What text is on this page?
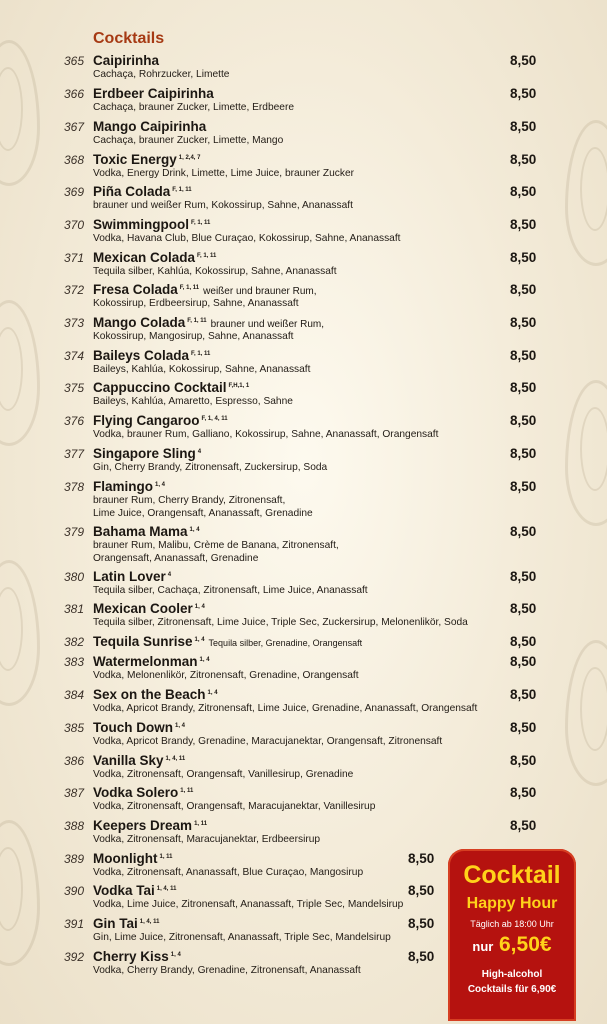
Cocktails
365 Caipirinha
Cachaça, Rohrzucker, Limette
8,50
366 Erdbeer Caipirinha
Cachaça, brauner Zucker, Limette, Erdbeere
8,50
367 Mango Caipirinha
Cachaça, brauner Zucker, Limette, Mango
8,50
368 Toxic Energy $^{1, 2,4, 7}$
Vodka, Energy Drink, Limette, Lime Juice, brauner Zucker
8,50
369 Piña Colada $^{F, 1, 11}$
brauner und weißer Rum, Kokossirup, Sahne, Ananassaft
8,50
370 Swimmingpool $^{F, 1, 11}$
Vodka, Havana Club, Blue Curaçao, Kokossirup, Sahne, Ananassaft
8,50
371 Mexican Colada $^{F, 1, 11}$
Tequila silber, Kahlúa, Kokossirup, Sahne, Ananassaft
8,50
372 Fresa Colada $^{F, 1, 11}$ weißer und brauner Rum,
Kokossirup, Erdbeersirup, Sahne, Ananassaft
8,50
373 Mango Colada $^{F, 1, 11}$ brauner und weißer Rum,
Kokossirup, Mangosirup, Sahne, Ananassaft
8,50
374 Baileys Colada $^{F, 1, 11}$
Baileys, Kahlúa, Kokossirup, Sahne, Ananassaft
8,50
375 Cappuccino Cocktail $^{F,H,1, 1}$
Baileys, Kahlúa, Amaretto, Espresso, Sahne
8,50
376 Flying Cangaroo $^{F, 1, 4, 11}$
Vodka, brauner Rum, Galliano, Kokossirup, Sahne, Ananassaft, Orangensaft
8,50
377 Singapore Sling $^4$
Gin, Cherry Brandy, Zitronensaft, Zuckersirup, Soda
8,50
378 Flamingo $^{1, 4}$
brauner Rum, Cherry Brandy, Zitronensaft,
Lime Juice, Orangensaft, Ananassaft, Grenadine
8,50
379 Bahama Mama $^{1, 4}$
brauner Rum, Malibu, Crème de Banana, Zitronensaft,
Orangensaft, Ananassaft, Grenadine
8,50
380 Latin Lover $^4$
Tequila silber, Cachaça, Zitronensaft, Lime Juice, Ananassaft
8,50
381 Mexican Cooler $^{1, 4}$
Tequila silber, Zitronensaft, Lime Juice, Triple Sec, Zuckersirup, Melonenlikör, Soda
8,50
382 Tequila Sunrise $^{1, 4}$ Tequila silber, Grenadine, Orangensaft	8,50
383 Watermelonman $^{1, 4}$
Vodka, Melonenlikör, Zitronensaft, Grenadine, Orangensaft
8,50
384 Sex on the Beach $^{1, 4}$
Vodka, Apricot Brandy, Zitronensaft, Lime Juice, Grenadine, Ananassaft, Orangensaft
8,50
385 Touch Down $^{1, 4}$
Vodka, Apricot Brandy, Grenadine, Maracujanektar, Orangensaft, Zitronensaft
8,50
386 Vanilla Sky $^{1, 4, 11}$
Vodka, Zitronensaft, Orangensaft, Vanillesirup, Grenadine
8,50
387 Vodka Solero $^{1, 11}$
Vodka, Zitronensaft, Orangensaft, Maracujanektar, Vanillesirup
8,50
388 Keepers Dream $^{1, 11}$
Vodka, Zitronensaft, Maracujanektar, Erdbeersirup
8,50
389 Moonlight $^{1, 11}$
Vodka, Zitronensaft, Ananassaft, Blue Curaçao, Mangosirup
8,50
390 Vodka Tai $^{1, 4, 11}$
Vodka, Lime Juice, Zitronensaft, Ananassaft, Triple Sec, Mandelsirup
8,50
391 Gin Tai $^{1, 4, 11}$
Gin, Lime Juice, Zitronensaft, Ananassaft, Triple Sec, Mandelsirup
8,50
392 Cherry Kiss $^{1, 4}$
Vodka, Cherry Brandy, Grenadine, Zitronensaft, Ananassaft
8,50
Cocktail
Happy Hour
Täglich ab 18:00 Uhr
nur 6,50€
High-alcohol
Cocktails für 6,90€
